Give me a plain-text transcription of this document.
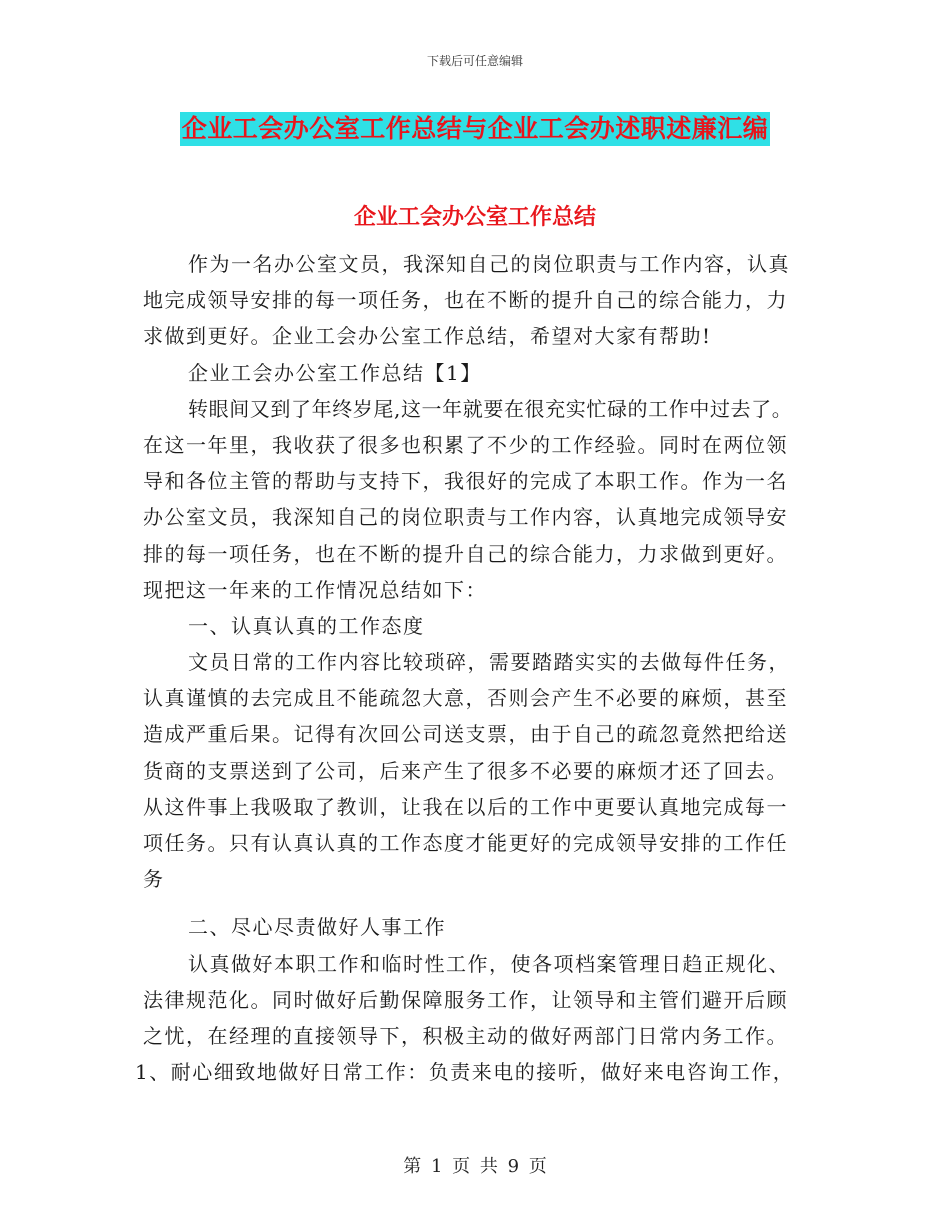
下载后可任意编辑
企业工会办公室工作总结与企业工会办述职述廉汇编
企业工会办公室工作总结
作为一名办公室文员，我深知自己的岗位职责与工作内容，认真
地完成领导安排的每一项任务，也在不断的提升自己的综合能力，力
求做到更好。企业工会办公室工作总结，希望对大家有帮助!
企业工会办公室工作总结【1】
转眼间又到了年终岁尾,这一年就要在很充实忙碌的工作中过去了。
在这一年里，我收获了很多也积累了不少的工作经验。同时在两位领
导和各位主管的帮助与支持下，我很好的完成了本职工作。作为一名
办公室文员，我深知自己的岗位职责与工作内容，认真地完成领导安
排的每一项任务，也在不断的提升自己的综合能力，力求做到更好。
现把这一年来的工作情况总结如下：
一、认真认真的工作态度
文员日常的工作内容比较琐碎，需要踏踏实实的去做每件任务，
认真谨慎的去完成且不能疏忽大意，否则会产生不必要的麻烦，甚至
造成严重后果。记得有次回公司送支票，由于自己的疏忽竟然把给送
货商的支票送到了公司，后来产生了很多不必要的麻烦才还了回去。
从这件事上我吸取了教训，让我在以后的工作中更要认真地完成每一
项任务。只有认真认真的工作态度才能更好的完成领导安排的工作任
务
二、尽心尽责做好人事工作
认真做好本职工作和临时性工作，使各项档案管理日趋正规化、
法律规范化。同时做好后勤保障服务工作，让领导和主管们避开后顾
之忧，在经理的直接领导下，积极主动的做好两部门日常内务工作。
1、耐心细致地做好日常工作：负责来电的接听，做好来电咨询工作，
第 1 页 共 9 页
